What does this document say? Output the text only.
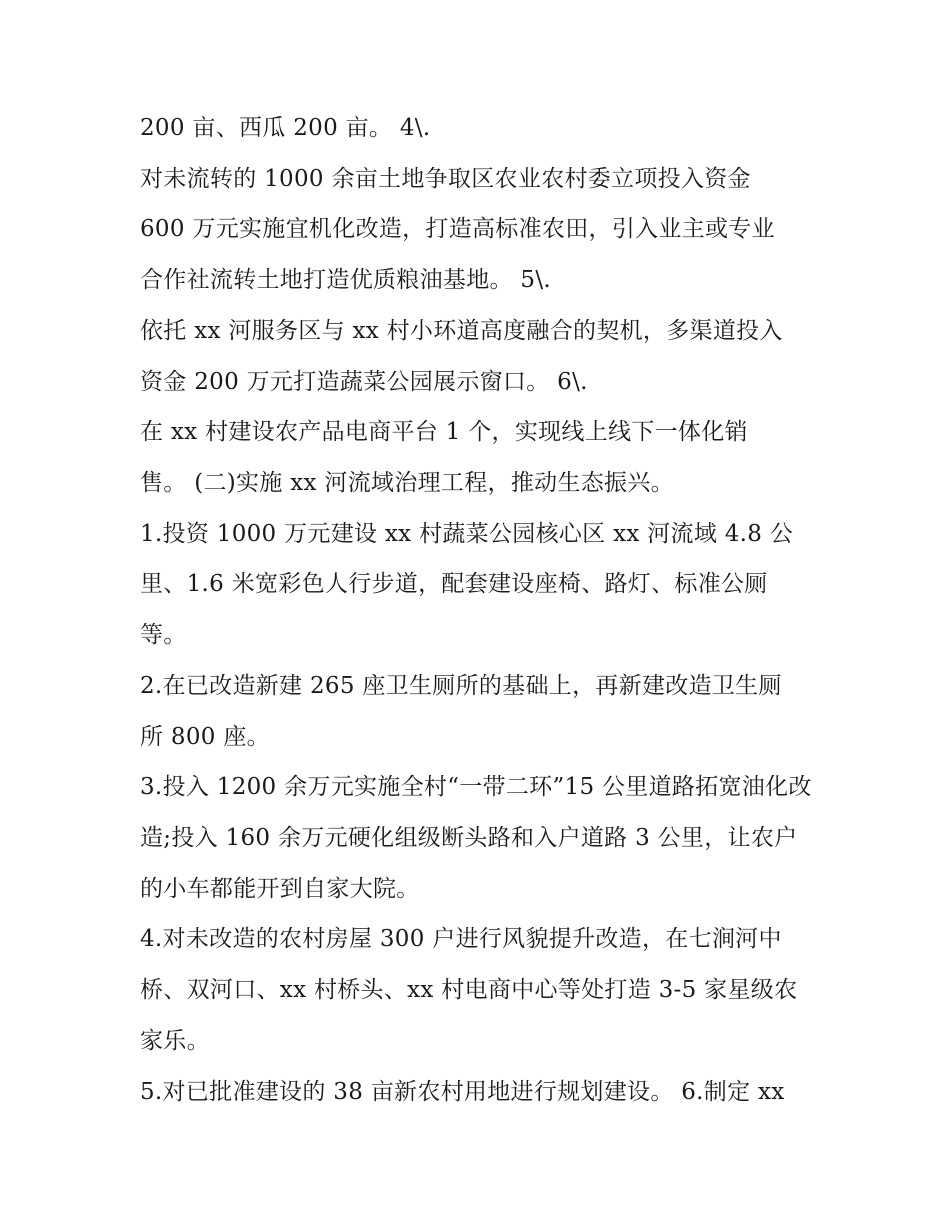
200 亩、西瓜 200 亩。 4\.
对未流转的 1000 余亩土地争取区农业农村委立项投入资金
600 万元实施宜机化改造，打造高标准农田，引入业主或专业
合作社流转土地打造优质粮油基地。 5\.
依托 xx 河服务区与 xx 村小环道高度融合的契机，多渠道投入
资金 200 万元打造蔬菜公园展示窗口。 6\.
在 xx 村建设农产品电商平台 1 个，实现线上线下一体化销
售。 (二)实施 xx 河流域治理工程，推动生态振兴。
1.投资 1000 万元建设 xx 村蔬菜公园核心区 xx 河流域 4.8 公
里、1.6 米宽彩色人行步道，配套建设座椅、路灯、标准公厕
等。
2.在已改造新建 265 座卫生厕所的基础上，再新建改造卫生厕
所 800 座。
3.投入 1200 余万元实施全村“一带二环”15 公里道路拓宽油化改
造;投入 160 余万元硬化组级断头路和入户道路 3 公里，让农户
的小车都能开到自家大院。
4.对未改造的农村房屋 300 户进行风貌提升改造，在七涧河中
桥、双河口、xx 村桥头、xx 村电商中心等处打造 3-5 家星级农
家乐。
5.对已批准建设的 38 亩新农村用地进行规划建设。 6.制定 xx
